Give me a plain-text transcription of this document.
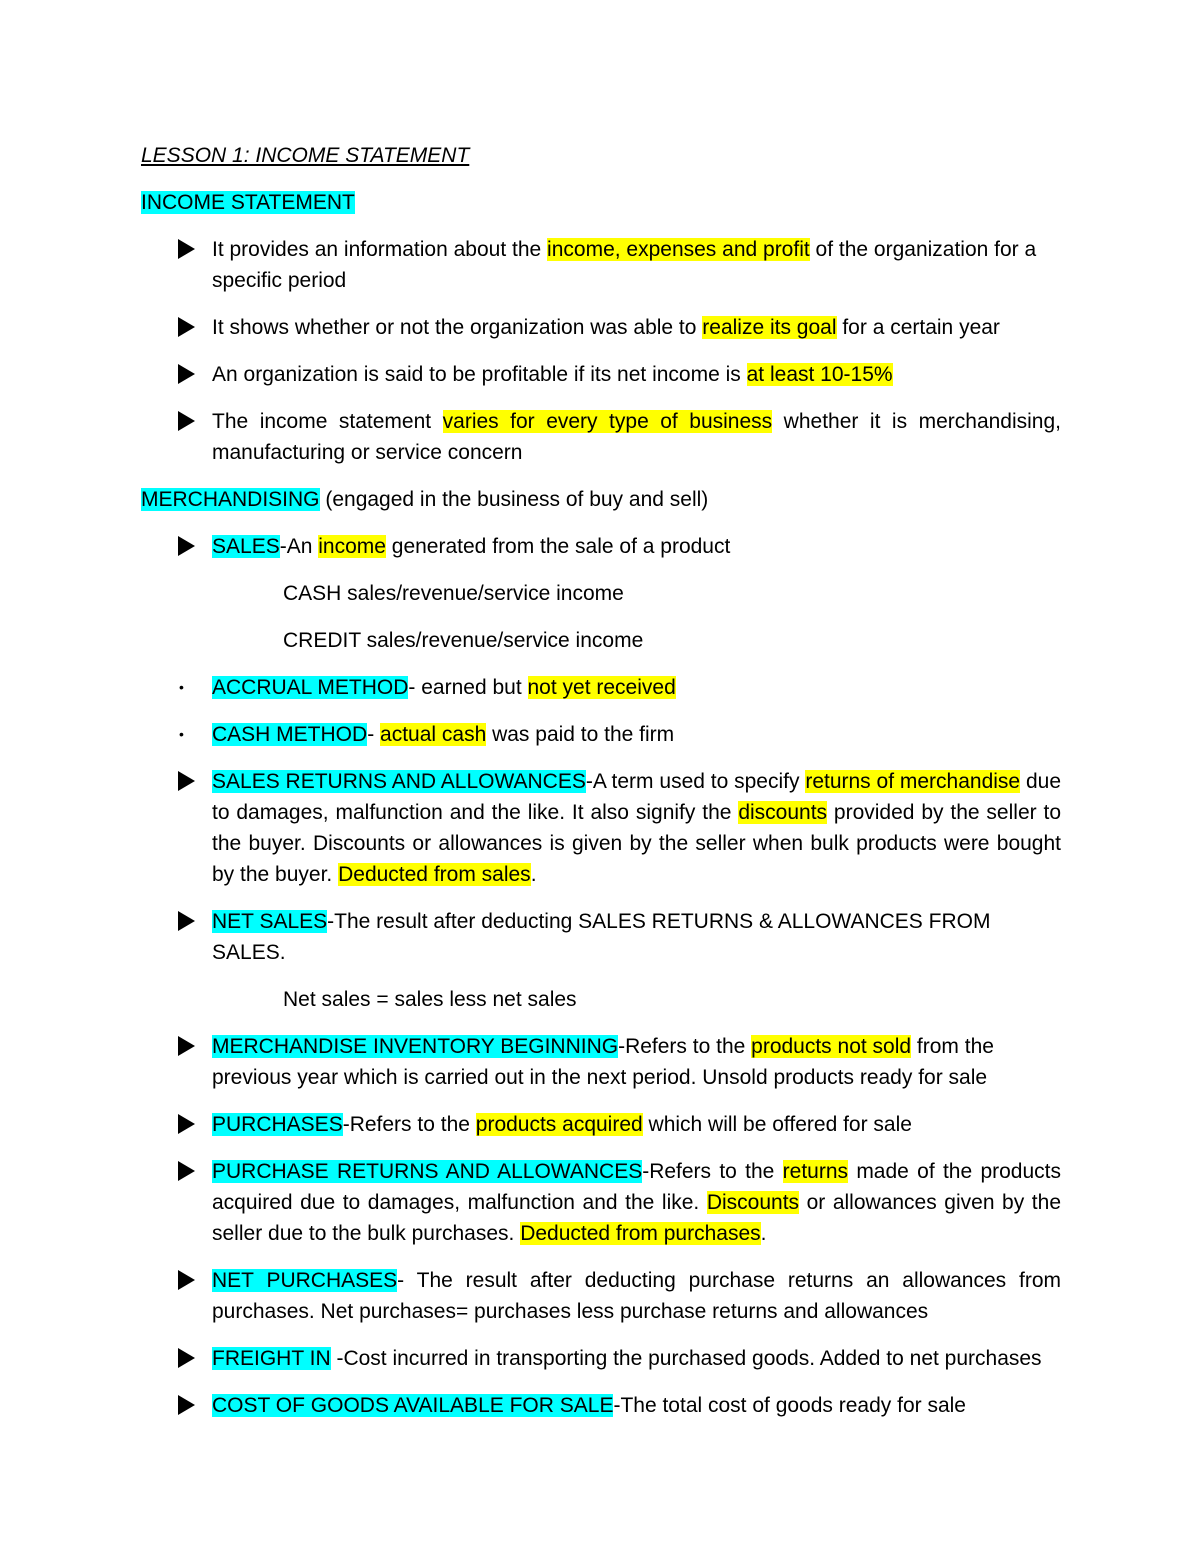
LESSON 1: INCOME STATEMENT

INCOME STATEMENT

It provides an information about the income, expenses and profit of the organization for a specific period
It shows whether or not the organization was able to realize its goal for a certain year
An organization is said to be profitable if its net income is at least 10-15%
The income statement varies for every type of business whether it is merchandising, manufacturing or service concern

MERCHANDISING (engaged in the business of buy and sell)

SALES-An income generated from the sale of a product

CASH sales/revenue/service income

CREDIT sales/revenue/service income

• ACCRUAL METHOD- earned but not yet received
• CASH METHOD- actual cash was paid to the firm
SALES RETURNS AND ALLOWANCES-A term used to specify returns of merchandise due to damages, malfunction and the like. It also signify the discounts provided by the seller to the buyer. Discounts or allowances is given by the seller when bulk products were bought by the buyer. Deducted from sales.
NET SALES-The result after deducting SALES RETURNS & ALLOWANCES FROM SALES.

Net sales = sales less net sales

MERCHANDISE INVENTORY BEGINNING-Refers to the products not sold from the previous year which is carried out in the next period. Unsold products ready for sale
PURCHASES-Refers to the products acquired which will be offered for sale
PURCHASE RETURNS AND ALLOWANCES-Refers to the returns made of the products acquired due to damages, malfunction and the like. Discounts or allowances given by the seller due to the bulk purchases. Deducted from purchases.
NET PURCHASES- The result after deducting purchase returns an allowances from purchases. Net purchases= purchases less purchase returns and allowances
FREIGHT IN -Cost incurred in transporting the purchased goods. Added to net purchases
COST OF GOODS AVAILABLE FOR SALE-The total cost of goods ready for sale
